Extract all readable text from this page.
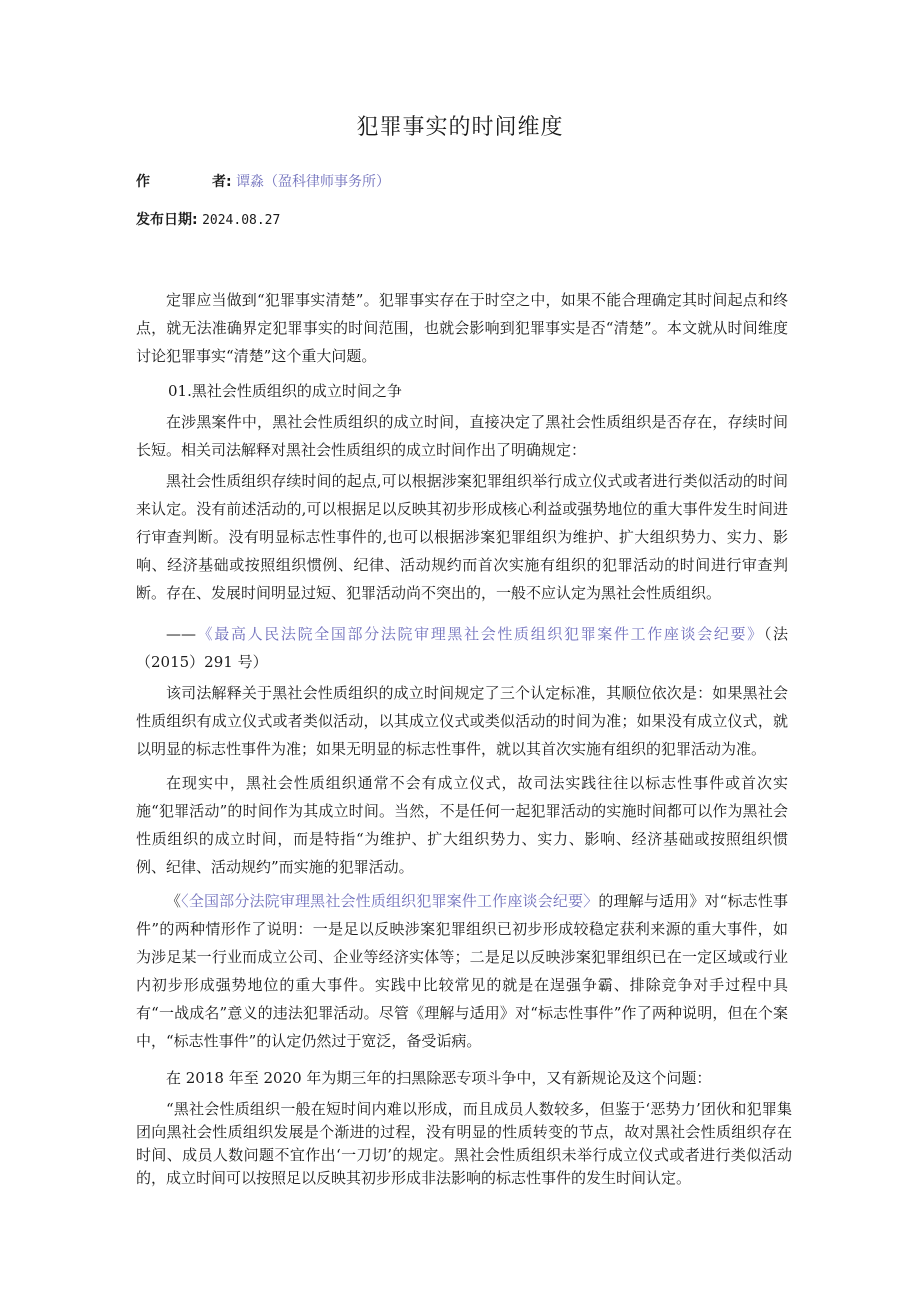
犯罪事实的时间维度
作	者: 谭淼（盈科律师事务所）
发布日期: 2024.08.27
定罪应当做到“犯罪事实清楚”。犯罪事实存在于时空之中，如果不能合理确定其时间起点和终点，就无法准确界定犯罪事实的时间范围，也就会影响到犯罪事实是否“清楚”。本文就从时间维度讨论犯罪事实“清楚”这个重大问题。
01.黑社会性质组织的成立时间之争
在涉黑案件中，黑社会性质组织的成立时间，直接决定了黑社会性质组织是否存在，存续时间长短。相关司法解释对黑社会性质组织的成立时间作出了明确规定：
黑社会性质组织存续时间的起点,可以根据涉案犯罪组织举行成立仪式或者进行类似活动的时间来认定。没有前述活动的,可以根据足以反映其初步形成核心利益或强势地位的重大事件发生时间进行审查判断。没有明显标志性事件的,也可以根据涉案犯罪组织为维护、扩大组织势力、实力、影响、经济基础或按照组织惯例、纪律、活动规约而首次实施有组织的犯罪活动的时间进行审查判断。存在、发展时间明显过短、犯罪活动尚不突出的，一般不应认定为黑社会性质组织。
——《最高人民法院全国部分法院审理黑社会性质组织犯罪案件工作座谈会纪要》（法（2015）291 号）
该司法解释关于黑社会性质组织的成立时间规定了三个认定标准，其顺位依次是：如果黑社会性质组织有成立仪式或者类似活动，以其成立仪式或类似活动的时间为准；如果没有成立仪式，就以明显的标志性事件为准；如果无明显的标志性事件，就以其首次实施有组织的犯罪活动为准。
在现实中，黑社会性质组织通常不会有成立仪式，故司法实践往往以标志性事件或首次实施“犯罪活动”的时间作为其成立时间。当然，不是任何一起犯罪活动的实施时间都可以作为黑社会性质组织的成立时间，而是特指“为维护、扩大组织势力、实力、影响、经济基础或按照组织惯例、纪律、活动规约”而实施的犯罪活动。
《〈全国部分法院审理黑社会性质组织犯罪案件工作座谈会纪要〉的理解与适用》对“标志性事件”的两种情形作了说明：一是足以反映涉案犯罪组织已初步形成较稳定获利来源的重大事件，如为涉足某一行业而成立公司、企业等经济实体等；二是足以反映涉案犯罪组织已在一定区域或行业内初步形成强势地位的重大事件。实践中比较常见的就是在逞强争霸、排除竞争对手过程中具有“一战成名”意义的违法犯罪活动。尽管《理解与适用》对“标志性事件”作了两种说明，但在个案中，“标志性事件”的认定仍然过于宽泛，备受诟病。
在 2018 年至 2020 年为期三年的扫黑除恶专项斗争中，又有新规论及这个问题：
“黑社会性质组织一般在短时间内难以形成，而且成员人数较多，但鉴于‘恶势力’团伙和犯罪集团向黑社会性质组织发展是个渐进的过程，没有明显的性质转变的节点，故对黑社会性质组织存在时间、成员人数问题不宜作出‘一刀切’的规定。黑社会性质组织未举行成立仪式或者进行类似活动的，成立时间可以按照足以反映其初步形成非法影响的标志性事件的发生时间认定。
